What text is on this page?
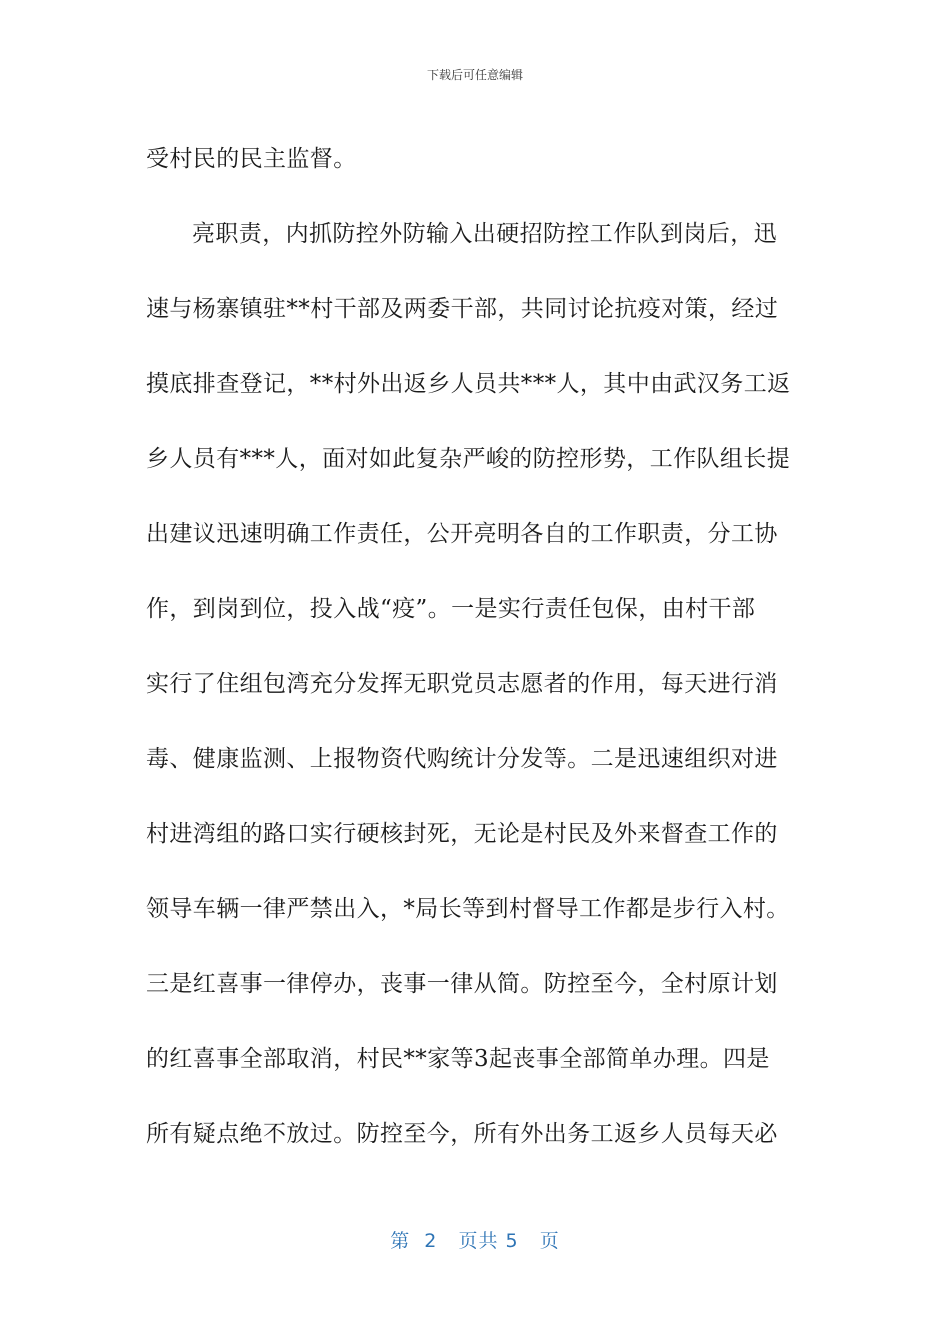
下载后可任意编辑
受村民的民主监督。
亮职责，内抓防控外防输入出硬招防控工作队到岗后，迅
速与杨寨镇驻**村干部及两委干部，共同讨论抗疫对策，经过
摸底排查登记，**村外出返乡人员共***人，其中由武汉务工返
乡人员有***人，面对如此复杂严峻的防控形势，工作队组长提
出建议迅速明确工作责任，公开亮明各自的工作职责，分工协
作，到岗到位，投入战“疫”。一是实行责任包保，由村干部
实行了住组包湾充分发挥无职党员志愿者的作用，每天进行消
毒、健康监测、上报物资代购统计分发等。二是迅速组织对进
村进湾组的路口实行硬核封死，无论是村民及外来督查工作的
领导车辆一律严禁出入，*局长等到村督导工作都是步行入村。
三是红喜事一律停办，丧事一律从简。防控至今，全村原计划
的红喜事全部取消，村民**家等3起丧事全部简单办理。四是
所有疑点绝不放过。防控至今，所有外出务工返乡人员每天必
第  2   页共 5   页
